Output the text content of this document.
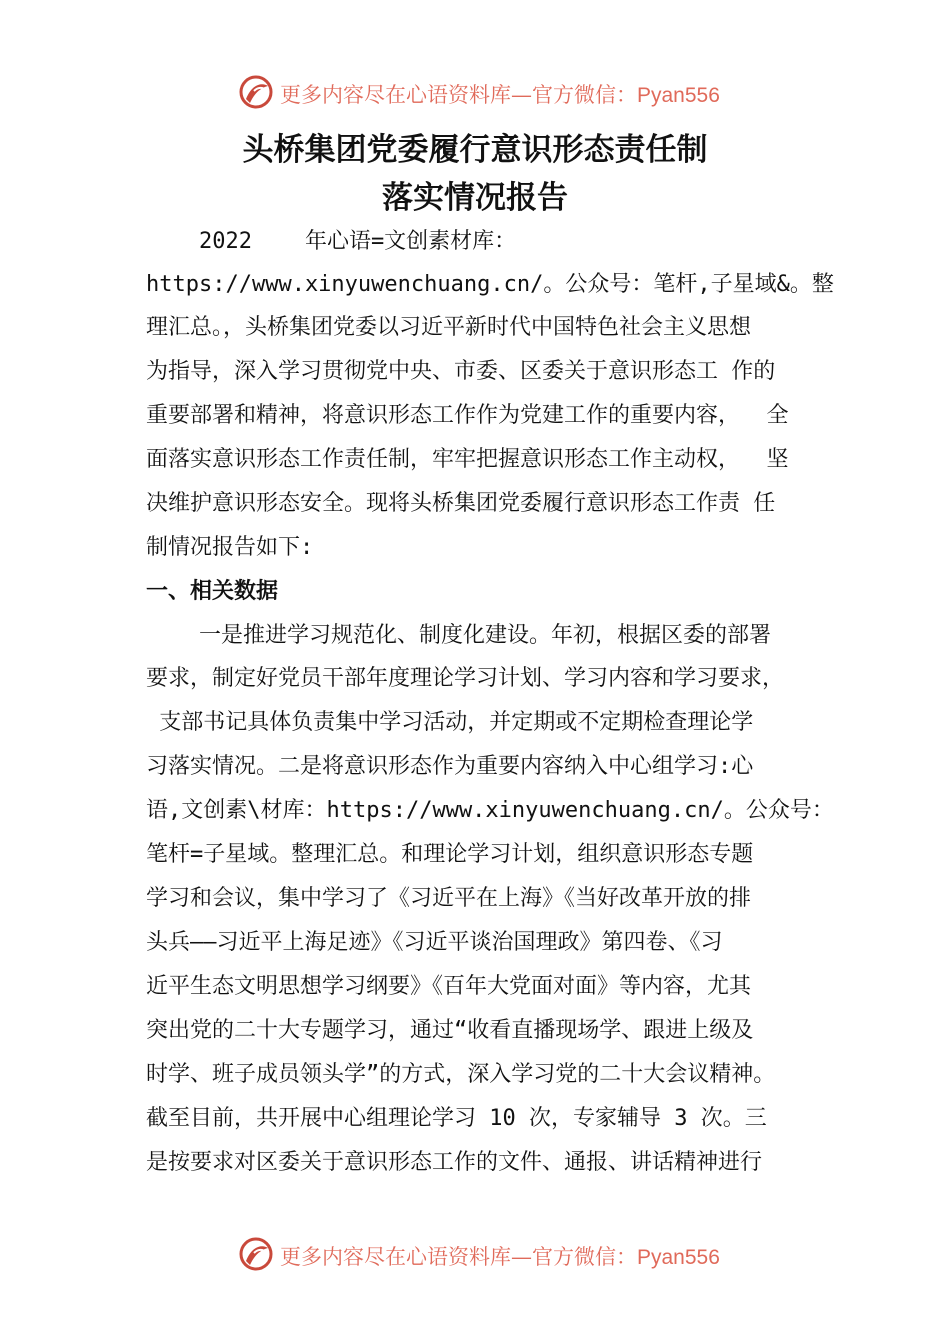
更多内容尽在心语资料库—官方微信：Pyan556
头桥集团党委履行意识形态责任制
落实情况报告
2022    年心语=文创素材库：
https://www.xinyuwenchuang.cn/。公众号：笔杆,子星域&。整
理汇总。，头桥集团党委以习近平新时代中国特色社会主义思想
为指导，深入学习贯彻党中央、市委、区委关于意识形态工 作的
重要部署和精神，将意识形态工作作为党建工作的重要内容，  全
面落实意识形态工作责任制，牢牢把握意识形态工作主动权，  坚
决维护意识形态安全。现将头桥集团党委履行意识形态工作责 任
制情况报告如下:
一、相关数据
一是推进学习规范化、制度化建设。年初，根据区委的部署
要求，制定好党员干部年度理论学习计划、学习内容和学习要求，
支部书记具体负责集中学习活动，并定期或不定期检查理论学
习落实情况。二是将意识形态作为重要内容纳入中心组学习:心
语,文创素\材库：https://www.xinyuwenchuang.cn/。公众号：
笔杆=子星域。整理汇总。和理论学习计划，组织意识形态专题
学习和会议，集中学习了《习近平在上海》《当好改革开放的排
头兵——习近平上海足迹》《习近平谈治国理政》第四卷、《习
近平生态文明思想学习纲要》《百年大党面对面》等内容，尤其
突出党的二十大专题学习，通过“收看直播现场学、跟进上级及
时学、班子成员领头学”的方式，深入学习党的二十大会议精神。
截至目前，共开展中心组理论学习 10 次，专家辅导 3 次。三
是按要求对区委关于意识形态工作的文件、通报、讲话精神进行
更多内容尽在心语资料库—官方微信：Pyan556
